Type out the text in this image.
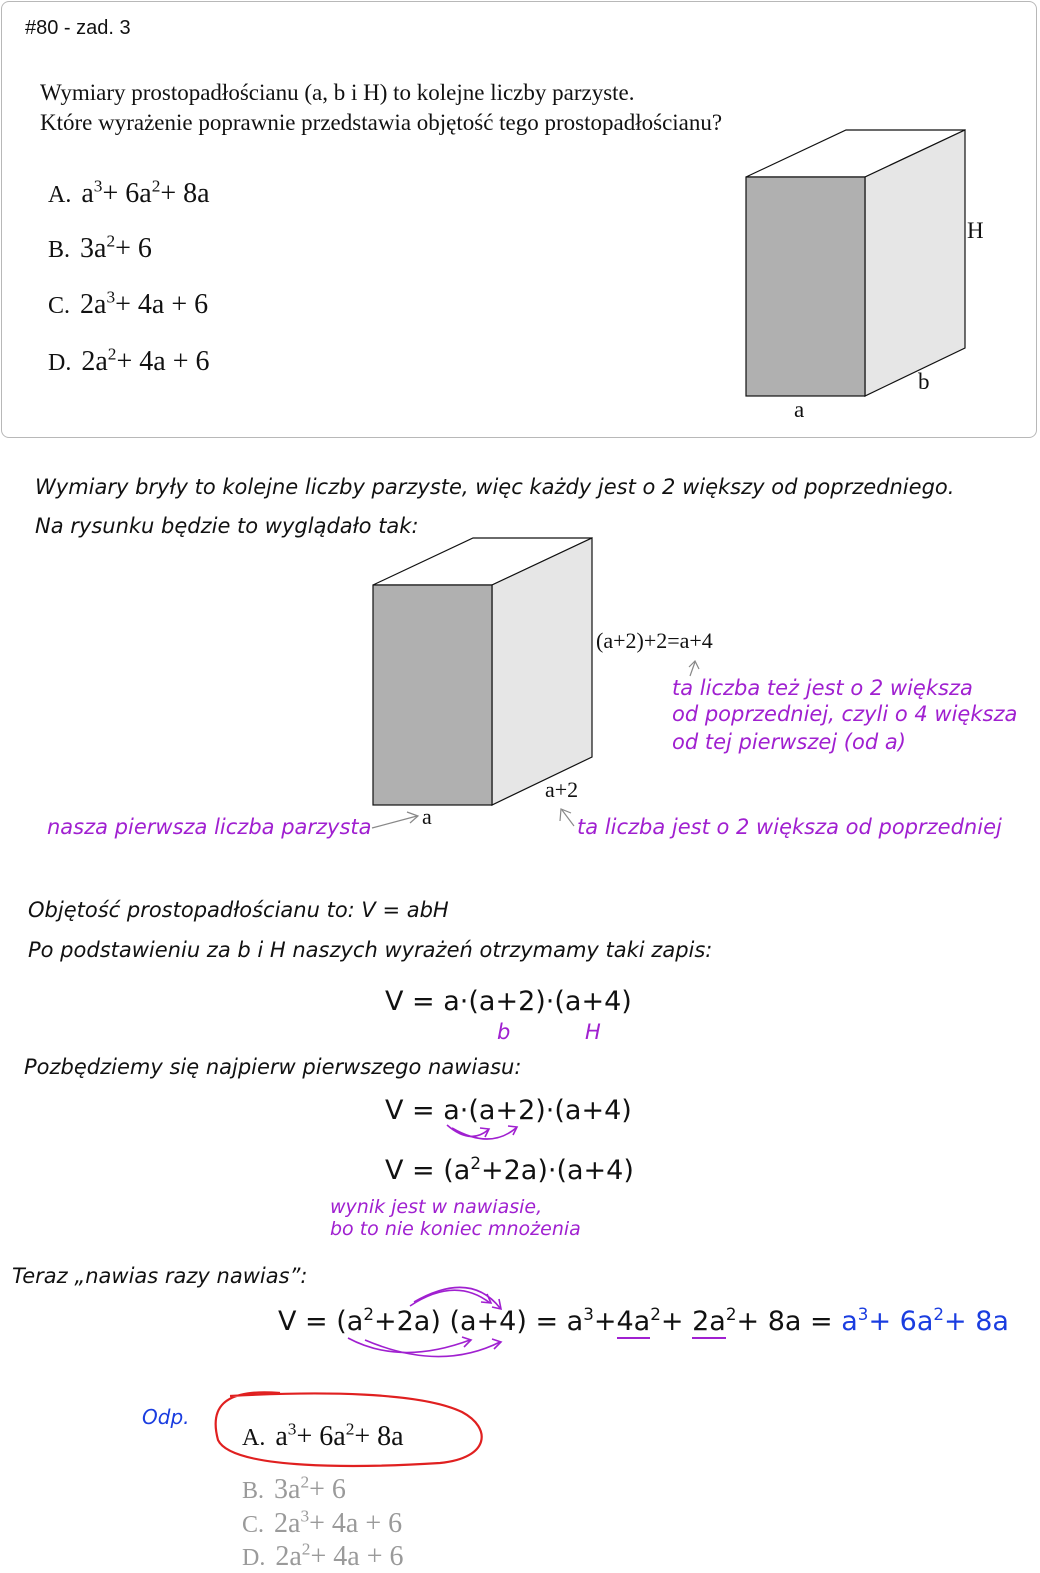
#80 - zad. 3
Wymiary prostopadłościanu (a, b i H) to kolejne liczby parzyste.
Które wyrażenie poprawnie przedstawia objętość tego prostopadłościanu?
A. $a^3+ 6a^2+ 8a$
B. $3a^2+ 6$
C. $2a^3+ 4a + 6$
D. $2a^2+ 4a + 6$
H
b
a
Wymiary bryły to kolejne liczby parzyste, więc każdy jest o 2 większy od poprzedniego.
Na rysunku będzie to wyglądało tak:
(a+2)+2=a+4
a+2
a
ta liczba też jest o 2 większa
od poprzedniej, czyli o 4 większa
od tej pierwszej (od a)
nasza pierwsza liczba parzysta	ta liczba jest o 2 większa od poprzedniej
Objętość prostopadłościanu to: V = abH
Po podstawieniu za b i H naszych wyrażeń otrzymamy taki zapis:
V = a·(a+2)·(a+4)
b	H
Pozbędziemy się najpierw pierwszego nawiasu:
V = a·(a+2)·(a+4)
$V = (a^2+2a)\cdot(a+4)$
wynik jest w nawiasie,
bo to nie koniec mnożenia
Teraz „nawias razy nawias”:
$V = (a^2+2a) (a+4) = a^3+4a^2+ 2a^2+ 8a = a^3+ 6a^2+ 8a$
Odp.
A. $a^3+ 6a^2+ 8a$
B. $3a^2+ 6$
C. $2a^3+ 4a + 6$
D. $2a^2+ 4a + 6$
